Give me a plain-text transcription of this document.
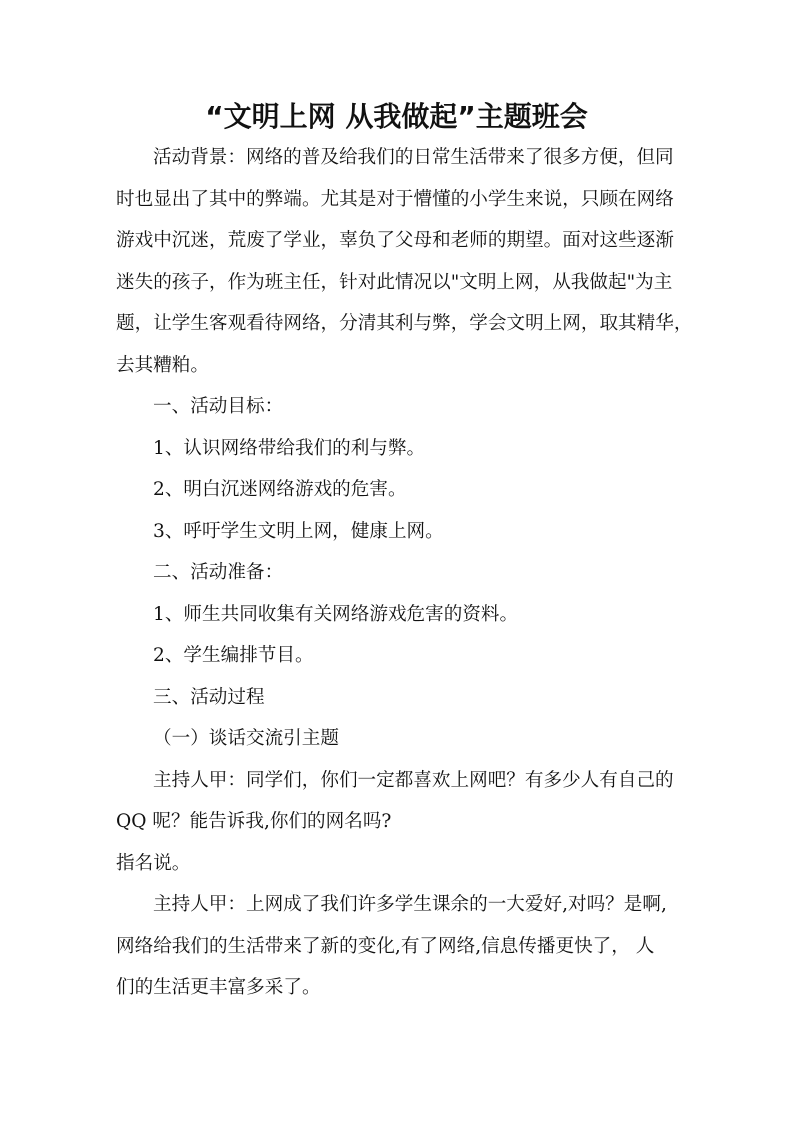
“文明上网 从我做起”主题班会
活动背景：网络的普及给我们的日常生活带来了很多方便，但同
时也显出了其中的弊端。尤其是对于懵懂的小学生来说，只顾在网络
游戏中沉迷，荒废了学业，辜负了父母和老师的期望。面对这些逐渐
迷失的孩子，作为班主任，针对此情况以"文明上网，从我做起"为主
题，让学生客观看待网络，分清其利与弊，学会文明上网，取其精华，
去其糟粕。
一、活动目标：
1、认识网络带给我们的利与弊。
2、明白沉迷网络游戏的危害。
3、呼吁学生文明上网，健康上网。
二、活动准备：
1、师生共同收集有关网络游戏危害的资料。
2、学生编排节目。
三、活动过程
（一）谈话交流引主题
主持人甲：同学们，你们一定都喜欢上网吧？有多少人有自己的
QQ 呢？能告诉我,你们的网名吗?
指名说。
主持人甲：上网成了我们许多学生课余的一大爱好,对吗？是啊,
网络给我们的生活带来了新的变化,有了网络,信息传播更快了， 人
们的生活更丰富多采了。
